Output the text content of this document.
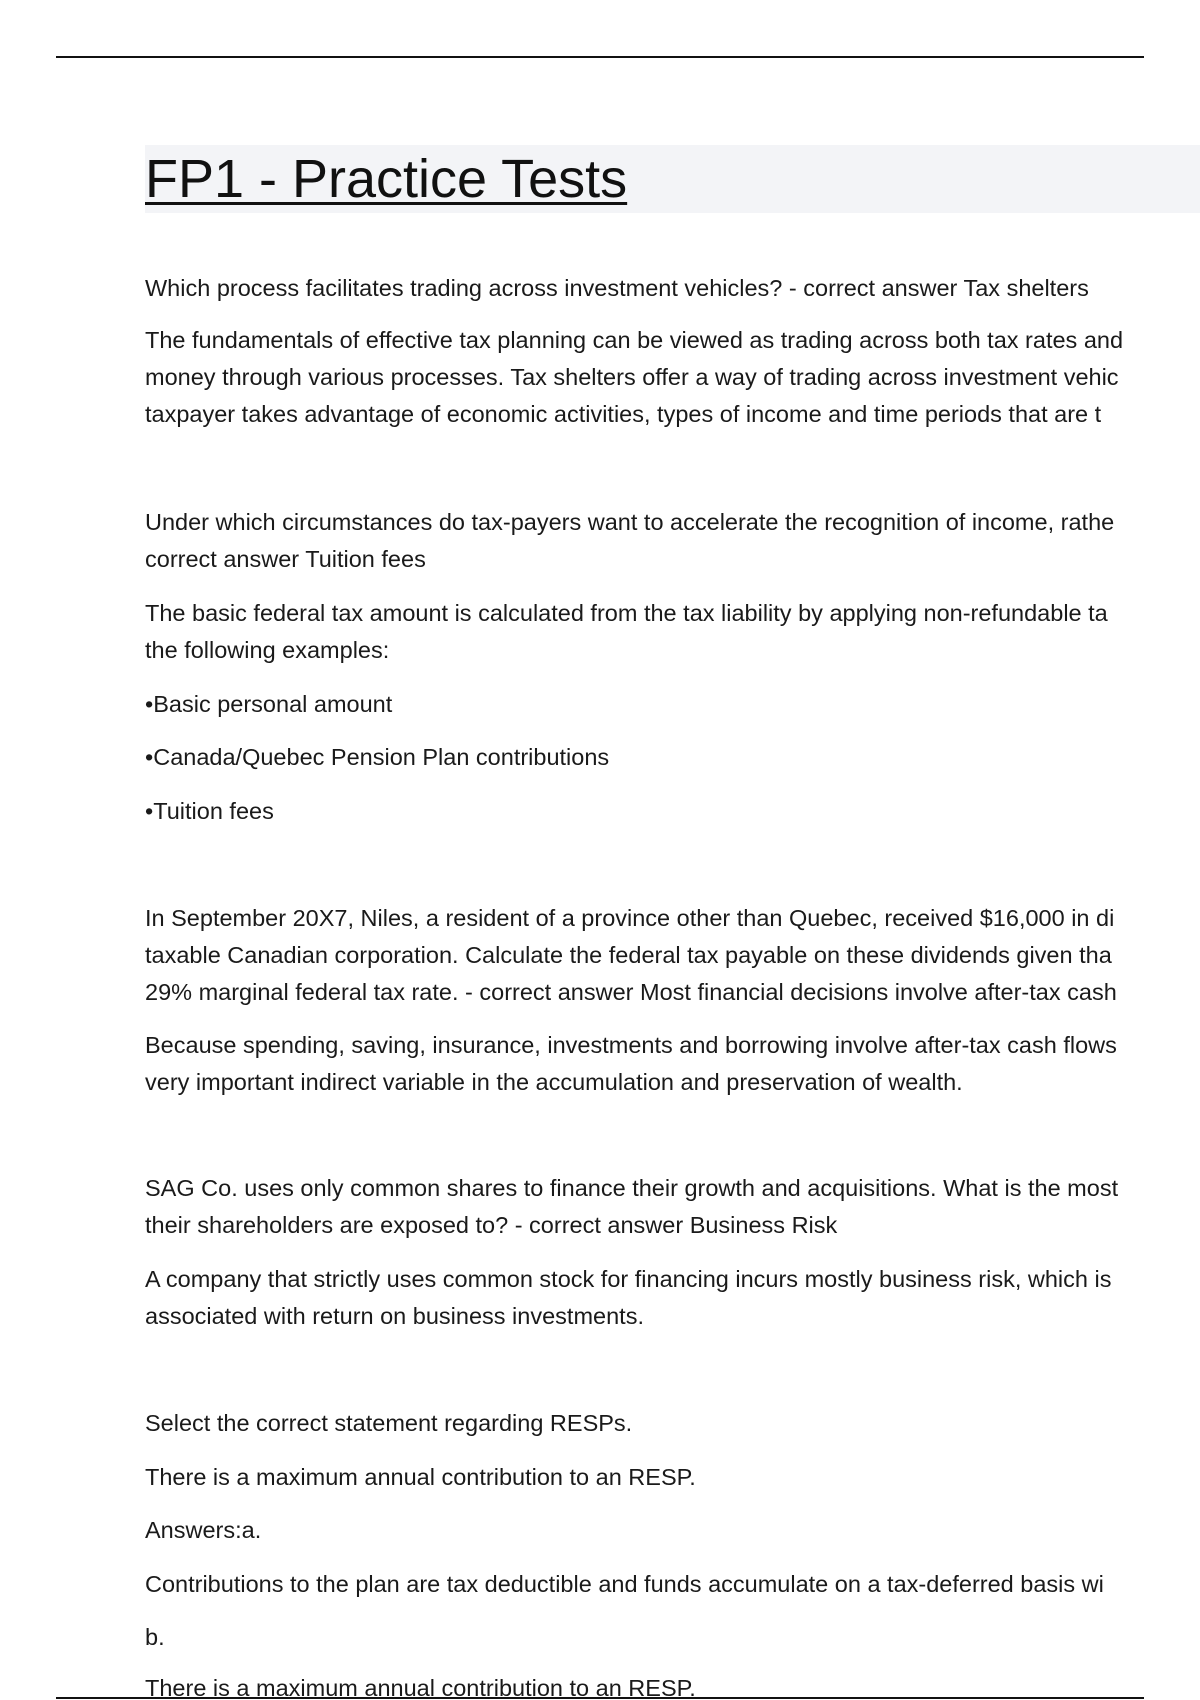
FP1 - Practice Tests

Which process facilitates trading across investment vehicles? - correct answer Tax shelters

The fundamentals of effective tax planning can be viewed as trading across both tax rates and

money through various processes. Tax shelters offer a way of trading across investment vehic

taxpayer takes advantage of economic activities, types of income and time periods that are t

Under which circumstances do tax-payers want to accelerate the recognition of income, rathe

correct answer Tuition fees

The basic federal tax amount is calculated from the tax liability by applying non-refundable ta

the following examples:

•Basic personal amount

•Canada/Quebec Pension Plan contributions

•Tuition fees

In September 20X7, Niles, a resident of a province other than Quebec, received $16,000 in di

taxable Canadian corporation. Calculate the federal tax payable on these dividends given tha

29% marginal federal tax rate. - correct answer Most financial decisions involve after-tax cash

Because spending, saving, insurance, investments and borrowing involve after-tax cash flows

very important indirect variable in the accumulation and preservation of wealth.

SAG Co. uses only common shares to finance their growth and acquisitions. What is the most

their shareholders are exposed to? - correct answer Business Risk

A company that strictly uses common stock for financing incurs mostly business risk, which is

associated with return on business investments.

Select the correct statement regarding RESPs.

There is a maximum annual contribution to an RESP.

Answers:a.

Contributions to the plan are tax deductible and funds accumulate on a tax-deferred basis wi

b.

There is a maximum annual contribution to an RESP.
